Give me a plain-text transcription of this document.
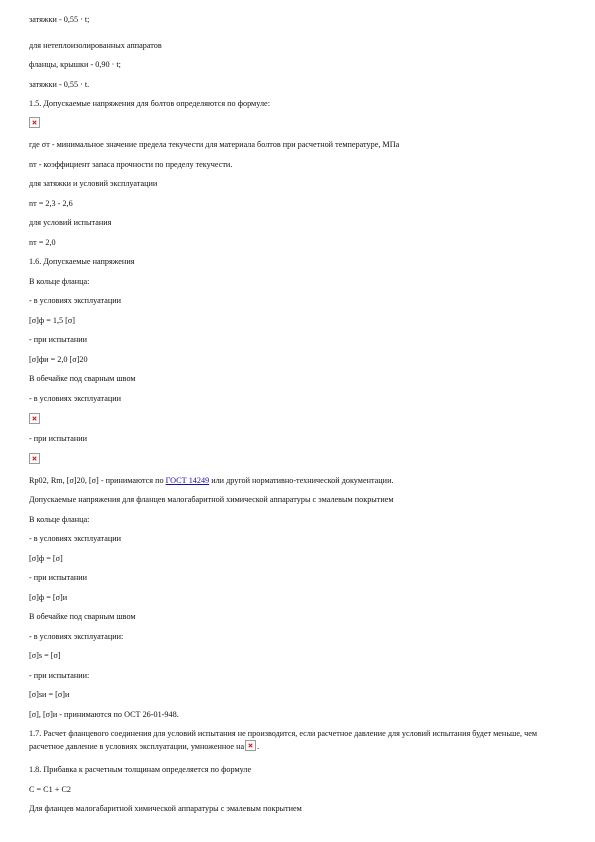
затяжки - 0,55 · t;
для нетеплоизолированных аппаратов
фланцы, крышки - 0,90 · t;
затяжки - 0,55 · t.
1.5. Допускаемые напряжения для болтов определяются по формуле:
где σт - минимальное значение предела текучести для материала болтов при расчетной температуре, МПа
nт - коэффициент запаса прочности по пределу текучести.
для затяжки и условий эксплуатации
nт = 2,3 - 2,6
для условий испытания
nт = 2,0
1.6. Допускаемые напряжения
В кольце фланца:
- в условиях эксплуатации
[σ]ф = 1,5 [σ]
- при испытании
[σ]фи = 2,0 [σ]20
В обечайке под сварным швом
- в условиях эксплуатации
- при испытании
Rp02, Rm, [σ]20, [σ] - принимаются по ГОСТ 14249 или другой нормативно-технической документации.
Допускаемые напряжения для фланцев малогабаритной химической аппаратуры с эмалевым покрытием
В кольце фланца:
- в условиях эксплуатации
[σ]ф = [σ]
- при испытании
[σ]ф = [σ]и
В обечайке под сварным швом
- в условиях эксплуатации:
[σ]s = [σ]
- при испытании:
[σ]sи = [σ]и
[σ], [σ]и - принимаются по ОСТ 26-01-948.
1.7. Расчет фланцевого соединения для условий испытания не производится, если расчетное давление для условий испытания будет меньше, чем расчетное давление в условиях эксплуатации, умноженное на .
1.8. Прибавка к расчетным толщинам определяется по формуле
C = C1 + C2
Для фланцев малогабаритной химической аппаратуры с эмалевым покрытием
